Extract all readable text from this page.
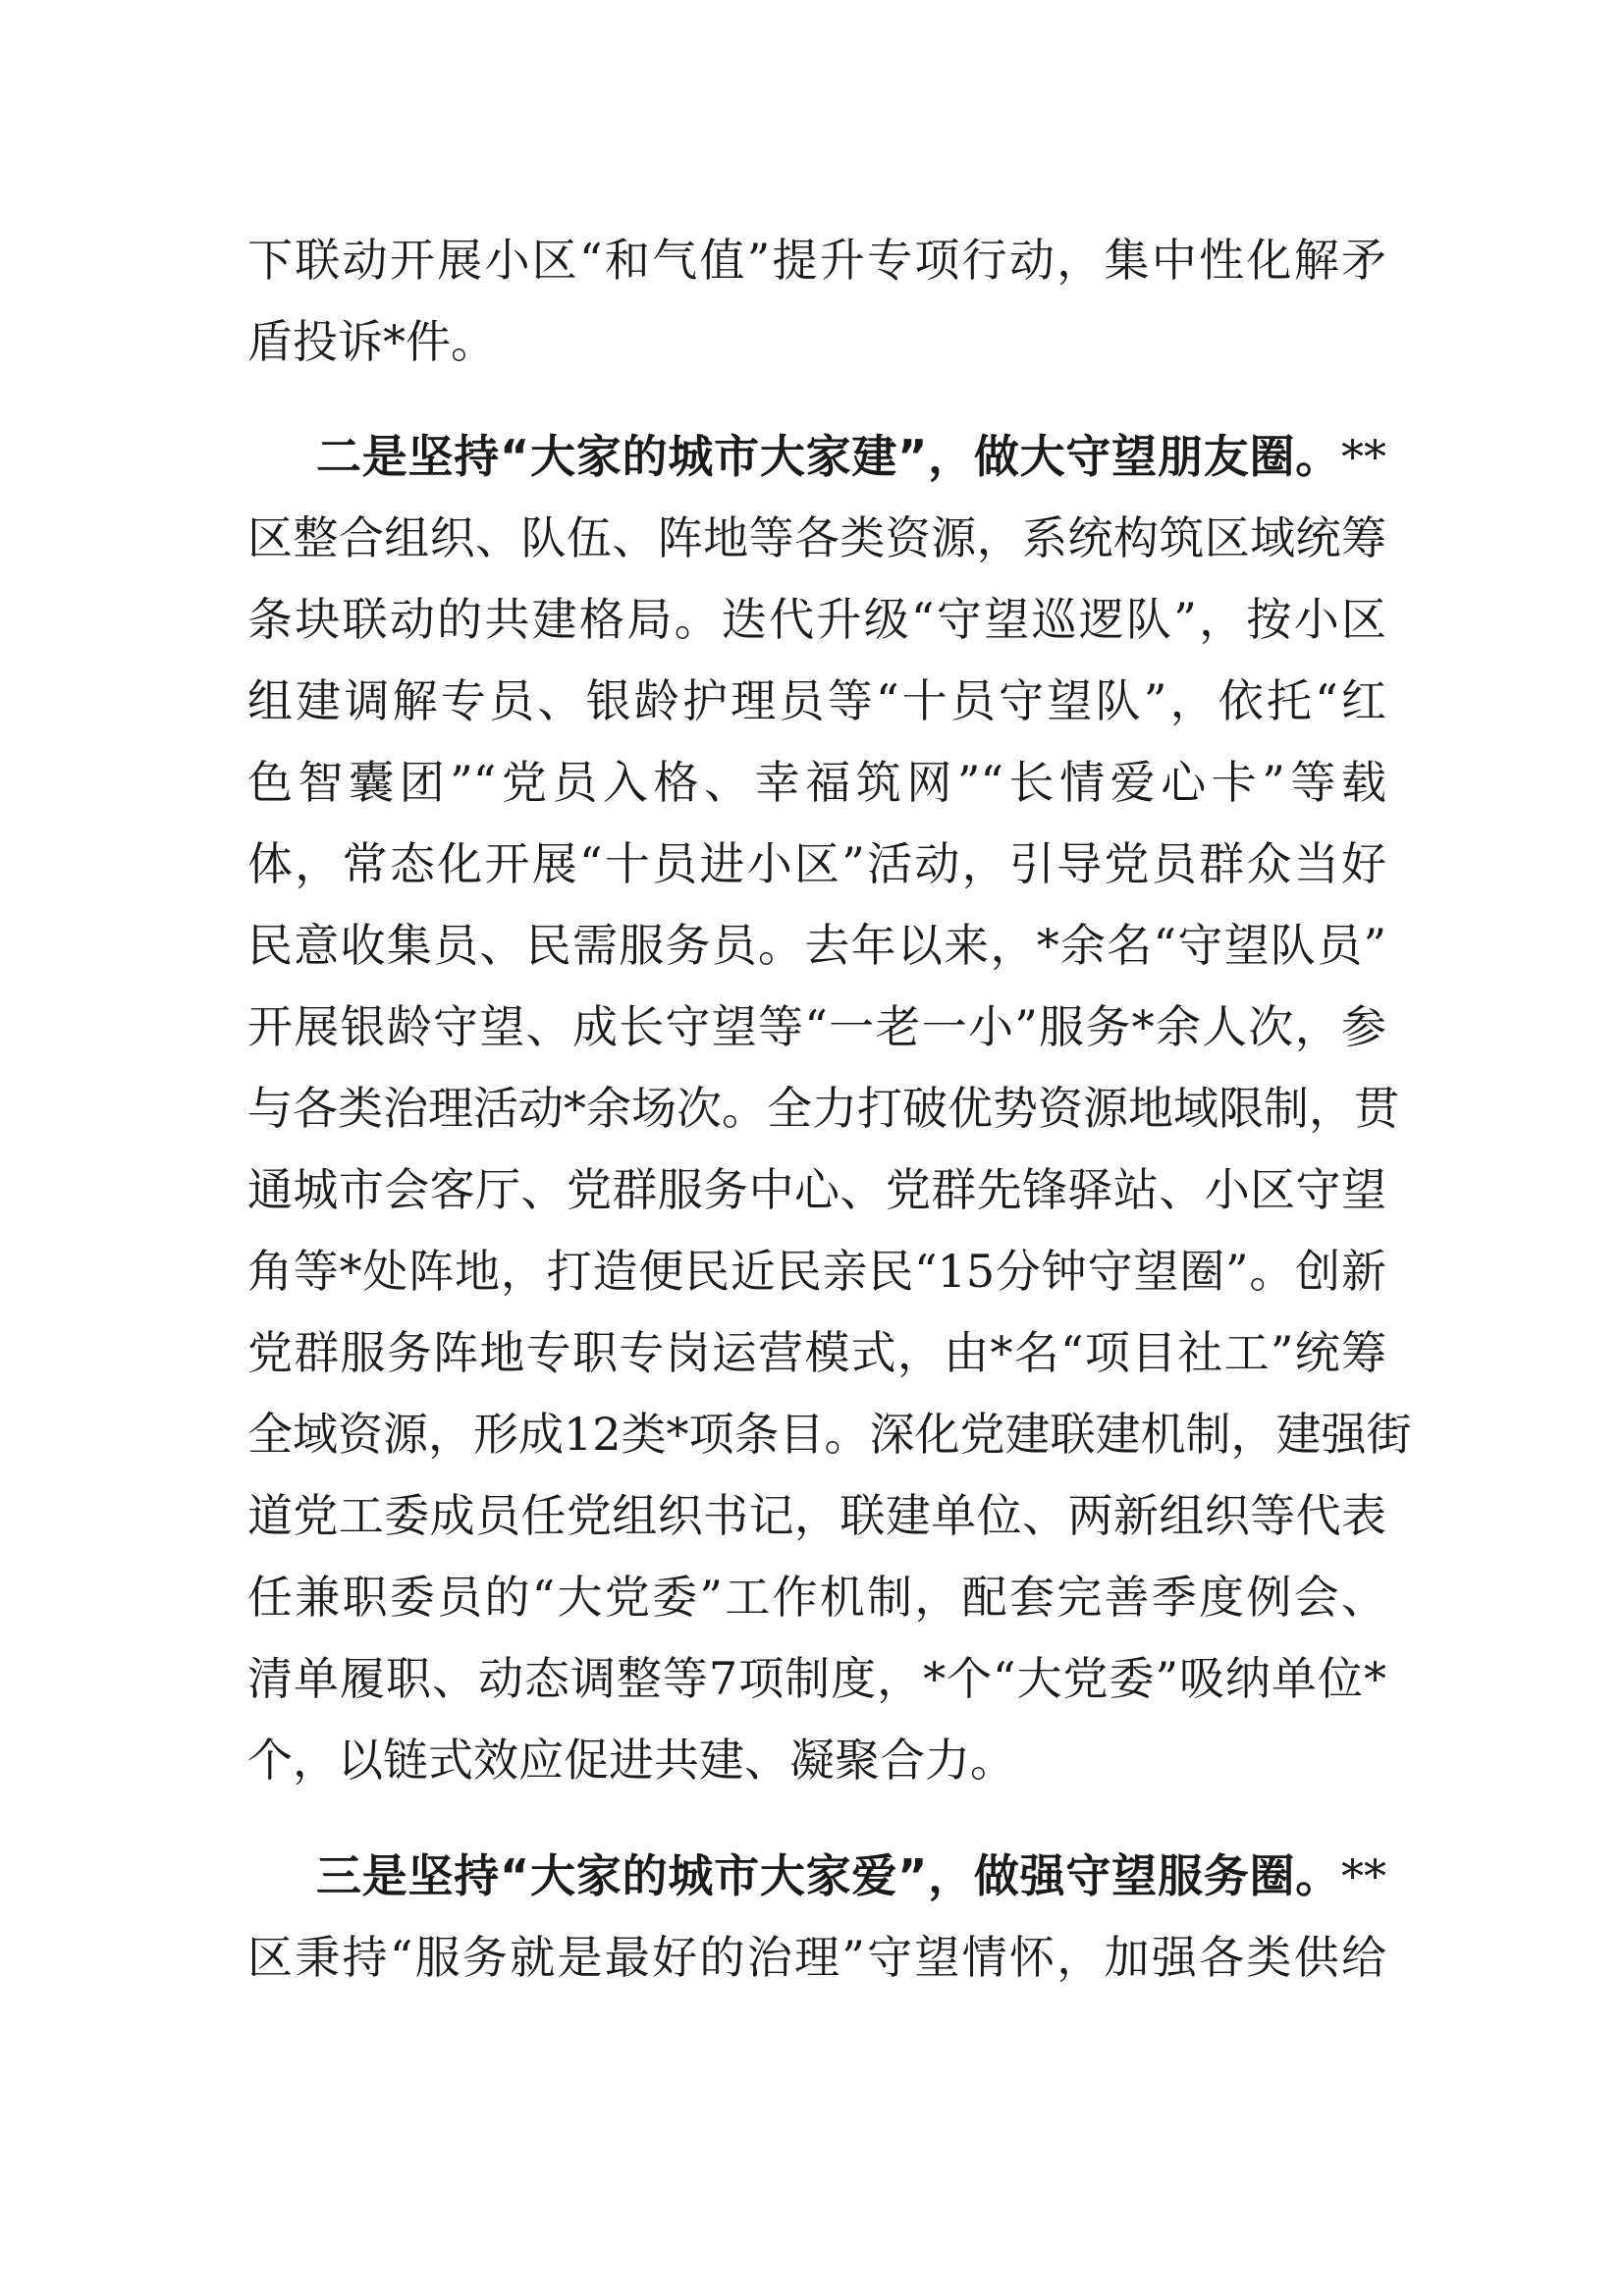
下联动开展小区“和气值”提升专项行动，集中性化解矛
盾投诉*件。
二是坚持“大家的城市大家建”，做大守望朋友圈。**
区整合组织、队伍、阵地等各类资源，系统构筑区域统筹
条块联动的共建格局。迭代升级“守望巡逻队”，按小区
组建调解专员、银龄护理员等“十员守望队”，依托“红
色智囊团”“党员入格、幸福筑网”“长情爱心卡”等载
体，常态化开展“十员进小区”活动，引导党员群众当好
民意收集员、民需服务员。去年以来，*余名“守望队员”
开展银龄守望、成长守望等“一老一小”服务*余人次，参
与各类治理活动*余场次。全力打破优势资源地域限制，贯
通城市会客厅、党群服务中心、党群先锋驿站、小区守望
角等*处阵地，打造便民近民亲民“15分钟守望圈”。创新
党群服务阵地专职专岗运营模式，由*名“项目社工”统筹
全域资源，形成12类*项条目。深化党建联建机制，建强街
道党工委成员任党组织书记，联建单位、两新组织等代表
任兼职委员的“大党委”工作机制，配套完善季度例会、
清单履职、动态调整等7项制度，*个“大党委”吸纳单位*
个，以链式效应促进共建、凝聚合力。
三是坚持“大家的城市大家爱”，做强守望服务圈。**
区秉持“服务就是最好的治理”守望情怀，加强各类供给
